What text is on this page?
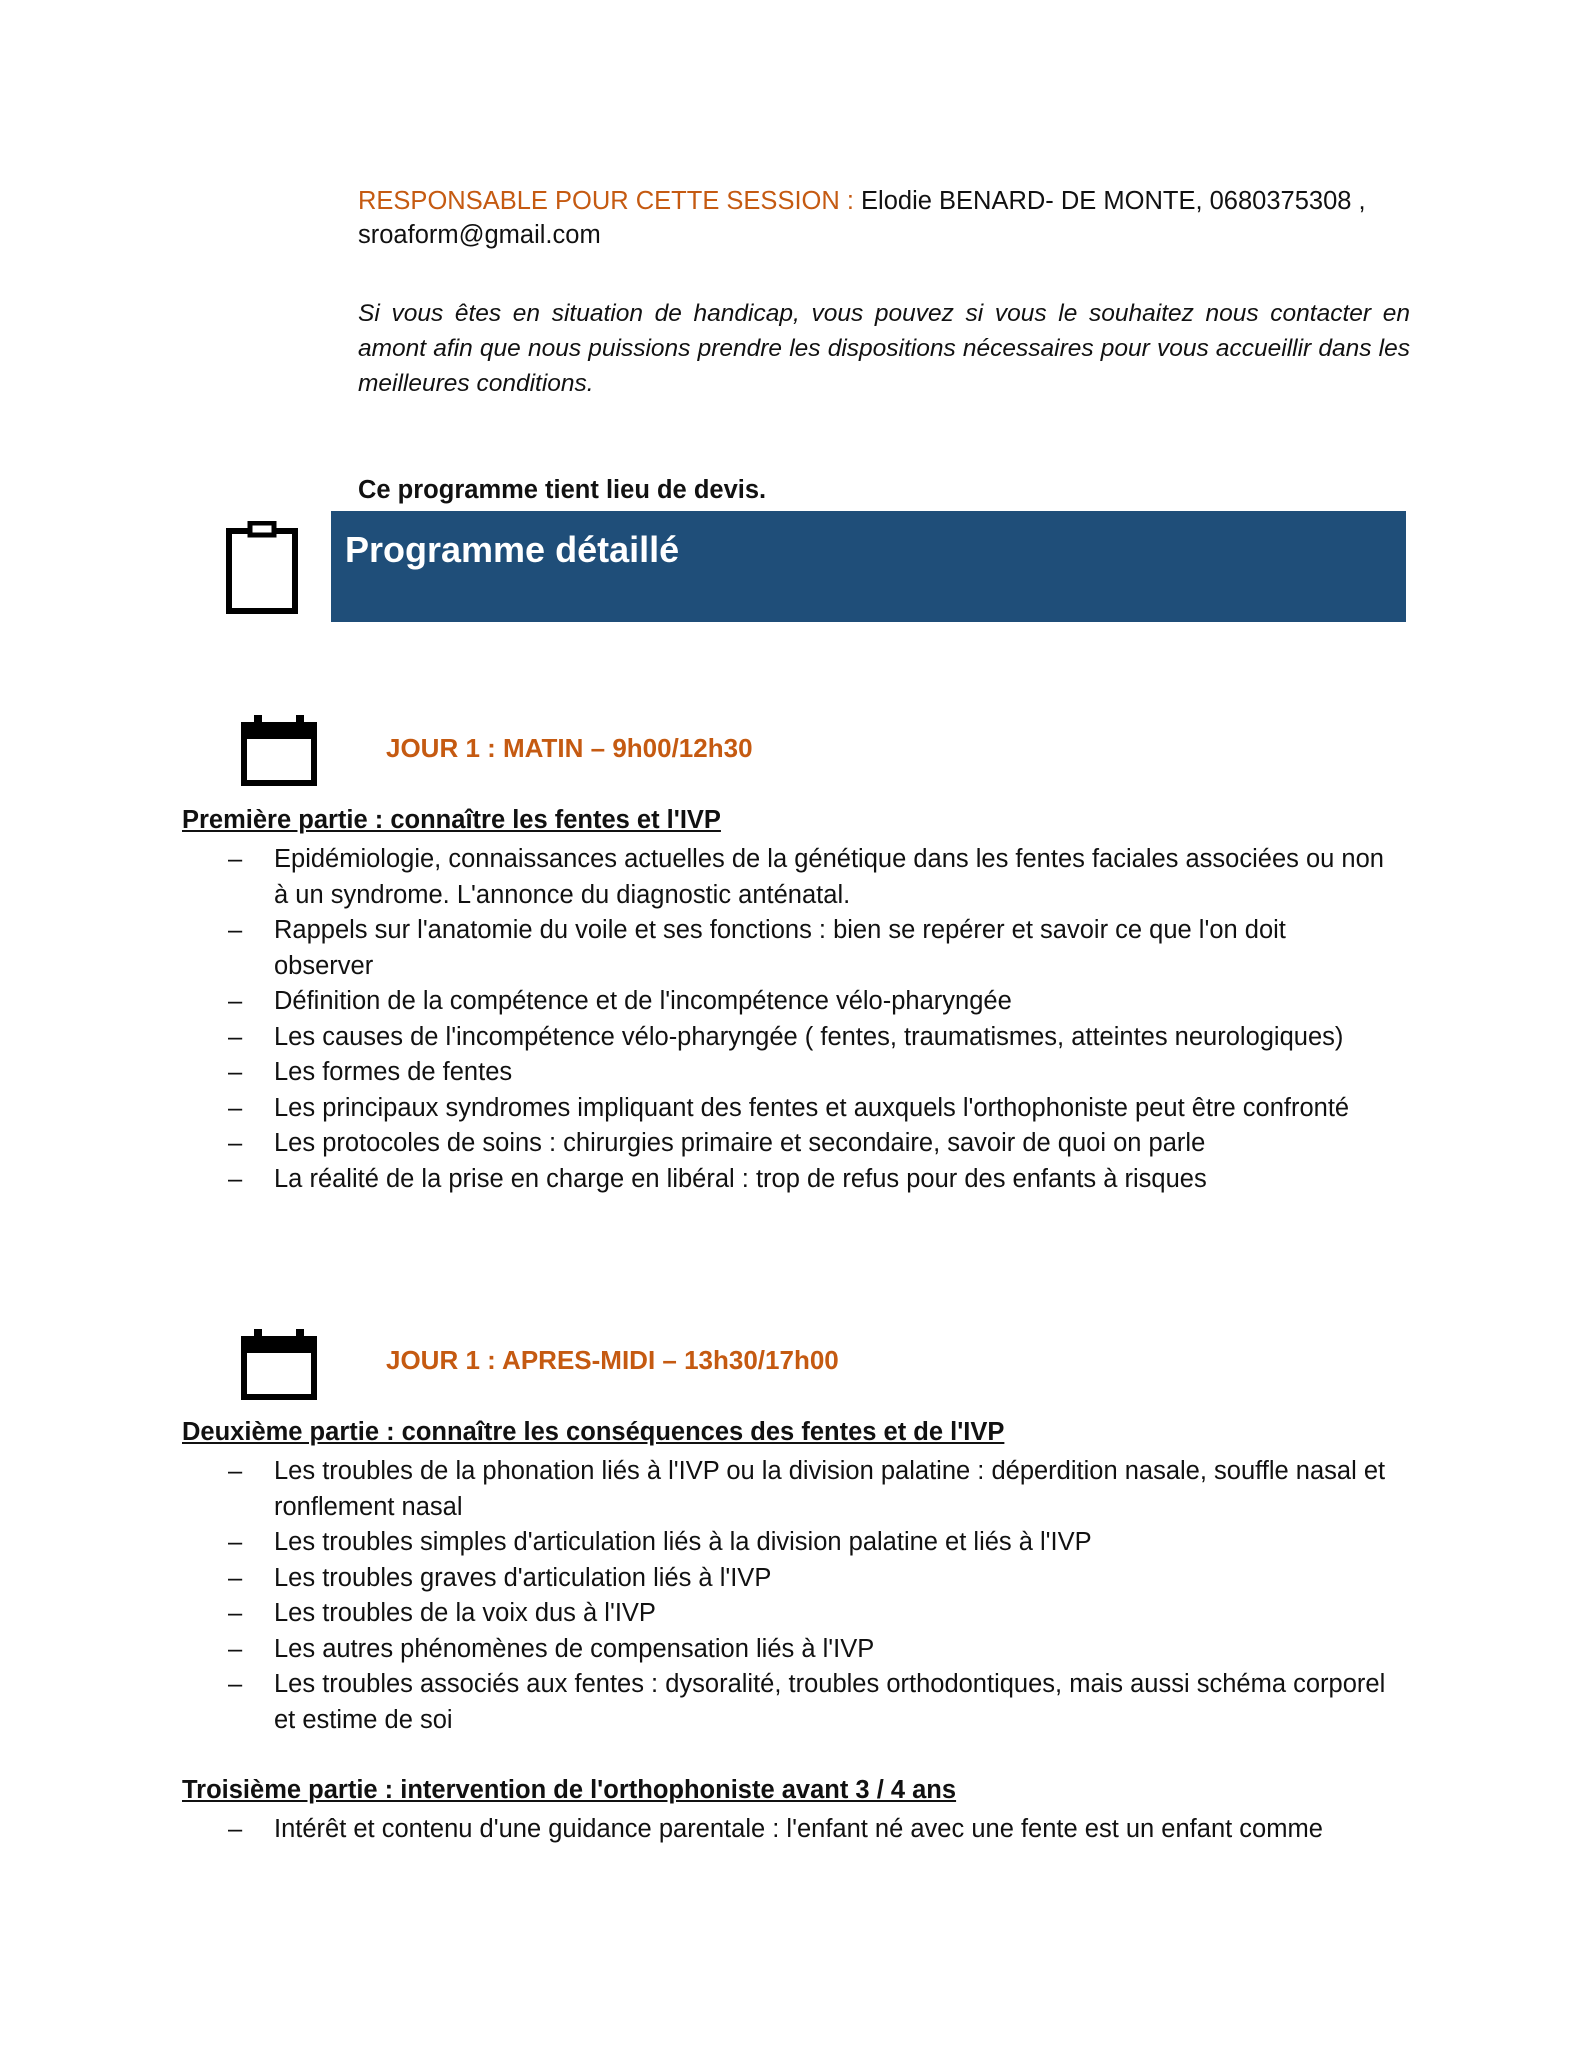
RESPONSABLE POUR CETTE SESSION : Elodie BENARD- DE MONTE, 0680375308 ,
sroaform@gmail.com
Si vous êtes en situation de handicap, vous pouvez si vous le souhaitez nous contacter en amont afin que nous puissions prendre les dispositions nécessaires pour vous accueillir dans les meilleures conditions.
Ce programme tient lieu de devis.
Programme détaillé
JOUR 1 : MATIN – 9h00/12h30
Première partie : connaître les fentes et l'IVP
– Epidémiologie, connaissances actuelles de la génétique dans les fentes faciales associées ou non à un syndrome. L'annonce du diagnostic anténatal.
– Rappels sur l'anatomie du voile et ses fonctions : bien se repérer et savoir ce que l'on doit observer
– Définition de la compétence et de l'incompétence vélo-pharyngée
– Les causes de l'incompétence vélo-pharyngée ( fentes, traumatismes, atteintes neurologiques)
– Les formes de fentes
– Les principaux syndromes impliquant des fentes et auxquels l'orthophoniste peut être confronté
– Les protocoles de soins : chirurgies primaire et secondaire, savoir de quoi on parle
– La réalité de la prise en charge en libéral : trop de refus pour des enfants à risques
JOUR 1 : APRES-MIDI – 13h30/17h00
Deuxième partie : connaître les conséquences des fentes et de l'IVP
– Les troubles de la phonation liés à l'IVP ou la division palatine : déperdition nasale, souffle nasal et ronflement nasal
– Les troubles simples d'articulation liés à la division palatine et liés à l'IVP
– Les troubles graves d'articulation liés à l'IVP
– Les troubles de la voix dus à l'IVP
– Les autres phénomènes de compensation liés à l'IVP
– Les troubles associés aux fentes : dysoralité, troubles orthodontiques, mais aussi schéma corporel et estime de soi
Troisième partie : intervention de l'orthophoniste avant 3 / 4 ans
– Intérêt et contenu d'une guidance parentale : l'enfant né avec une fente est un enfant comme
